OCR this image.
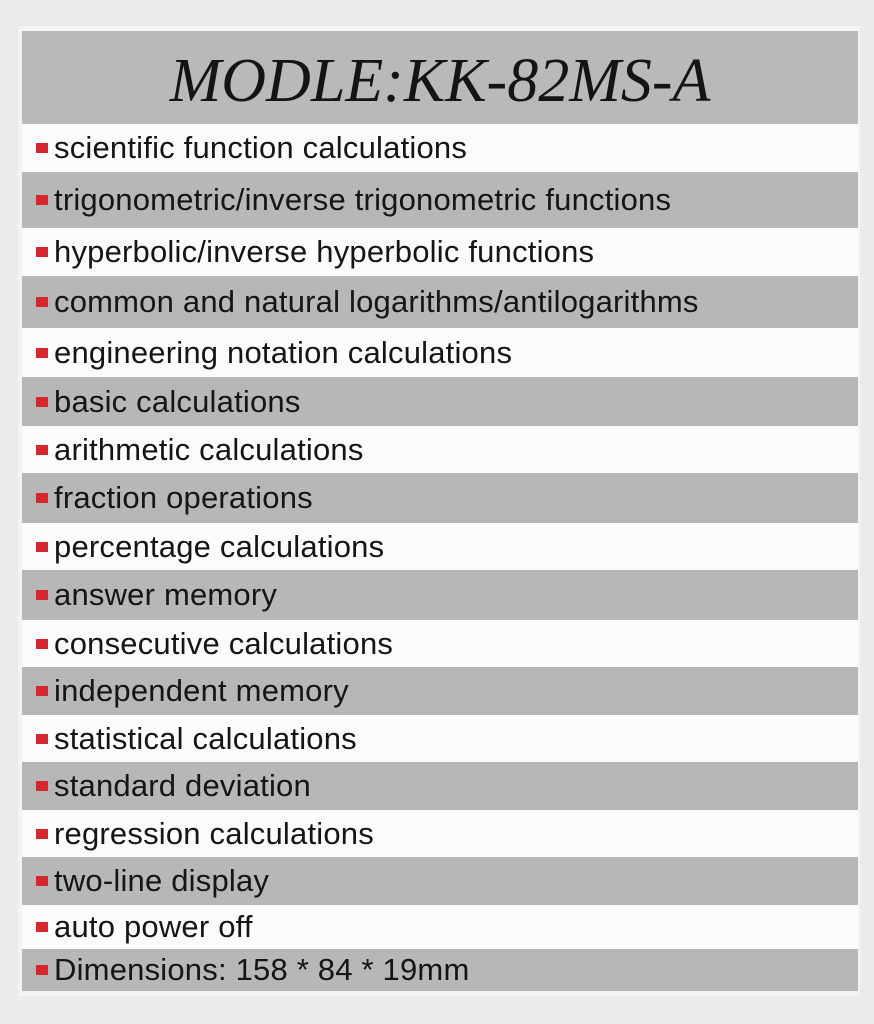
MODLE:KK-82MS-A
scientific function calculations
trigonometric/inverse trigonometric functions
hyperbolic/inverse hyperbolic functions
common and natural logarithms/antilogarithms
engineering notation calculations
basic calculations
arithmetic calculations
fraction operations
percentage calculations
answer memory
consecutive calculations
independent memory
statistical calculations
standard deviation
regression calculations
two-line display
auto power off
Dimensions: 158 * 84 * 19mm
